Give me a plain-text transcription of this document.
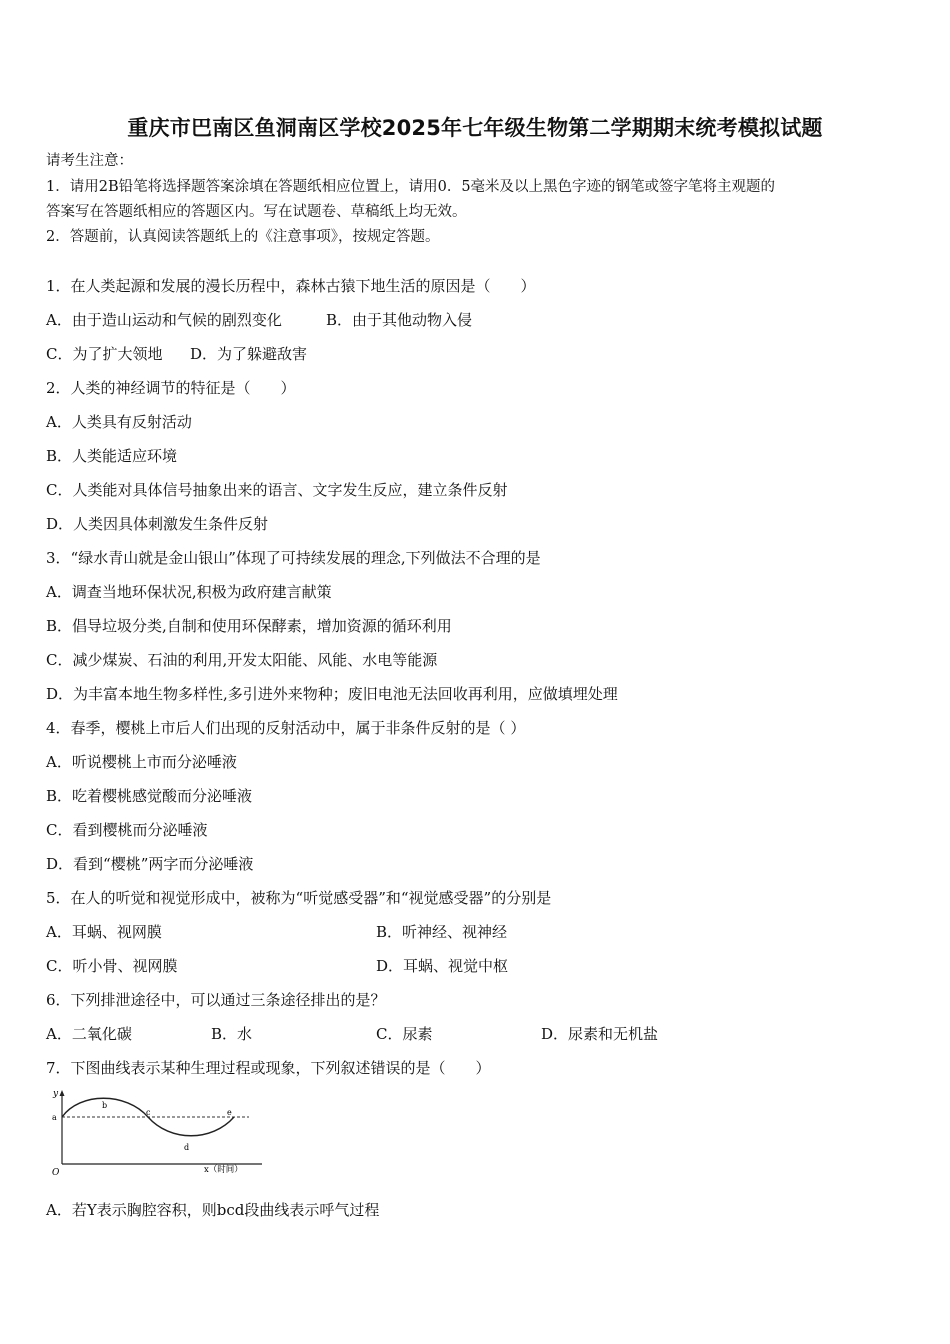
重庆市巴南区鱼洞南区学校2025年七年级生物第二学期期末统考模拟试题
请考生注意：
1．请用2B铅笔将选择题答案涂填在答题纸相应位置上，请用0．5毫米及以上黑色字迹的钢笔或签字笔将主观题的
答案写在答题纸相应的答题区内。写在试题卷、草稿纸上均无效。
2．答题前，认真阅读答题纸上的《注意事项》，按规定答题。
1．在人类起源和发展的漫长历程中，森林古猿下地生活的原因是（　　）
A．由于造山运动和气候的剧烈变化	B．由于其他动物入侵
C．为了扩大领地 D．为了躲避敌害
2．人类的神经调节的特征是（　　）
A．人类具有反射活动
B．人类能适应环境
C．人类能对具体信号抽象出来的语言、文字发生反应，建立条件反射
D．人类因具体刺激发生条件反射
3．“绿水青山就是金山银山”体现了可持续发展的理念,下列做法不合理的是
A．调查当地环保状况,积极为政府建言献策
B．倡导垃圾分类,自制和使用环保酵素，增加资源的循环利用
C．减少煤炭、石油的利用,开发太阳能、风能、水电等能源
D．为丰富本地生物多样性,多引进外来物种；废旧电池无法回收再利用，应做填埋处理
4．春季，樱桃上市后人们出现的反射活动中，属于非条件反射的是（ ）
A．听说樱桃上市而分泌唾液
B．吃着樱桃感觉酸而分泌唾液
C．看到樱桃而分泌唾液
D．看到“樱桃”两字而分泌唾液
5．在人的听觉和视觉形成中，被称为“听觉感受器”和“视觉感受器”的分别是
A．耳蜗、视网膜	B．听神经、视神经
C．听小骨、视网膜	D．耳蜗、视觉中枢
6．下列排泄途径中，可以通过三条途径排出的是？
A．二氧化碳	B．水	C．尿素	D．尿素和无机盐
7．下图曲线表示某种生理过程或现象，下列叙述错误的是（　　）
y
O	x（时间）
a
b
c
d
e
A．若Y表示胸腔容积，则bcd段曲线表示呼气过程
